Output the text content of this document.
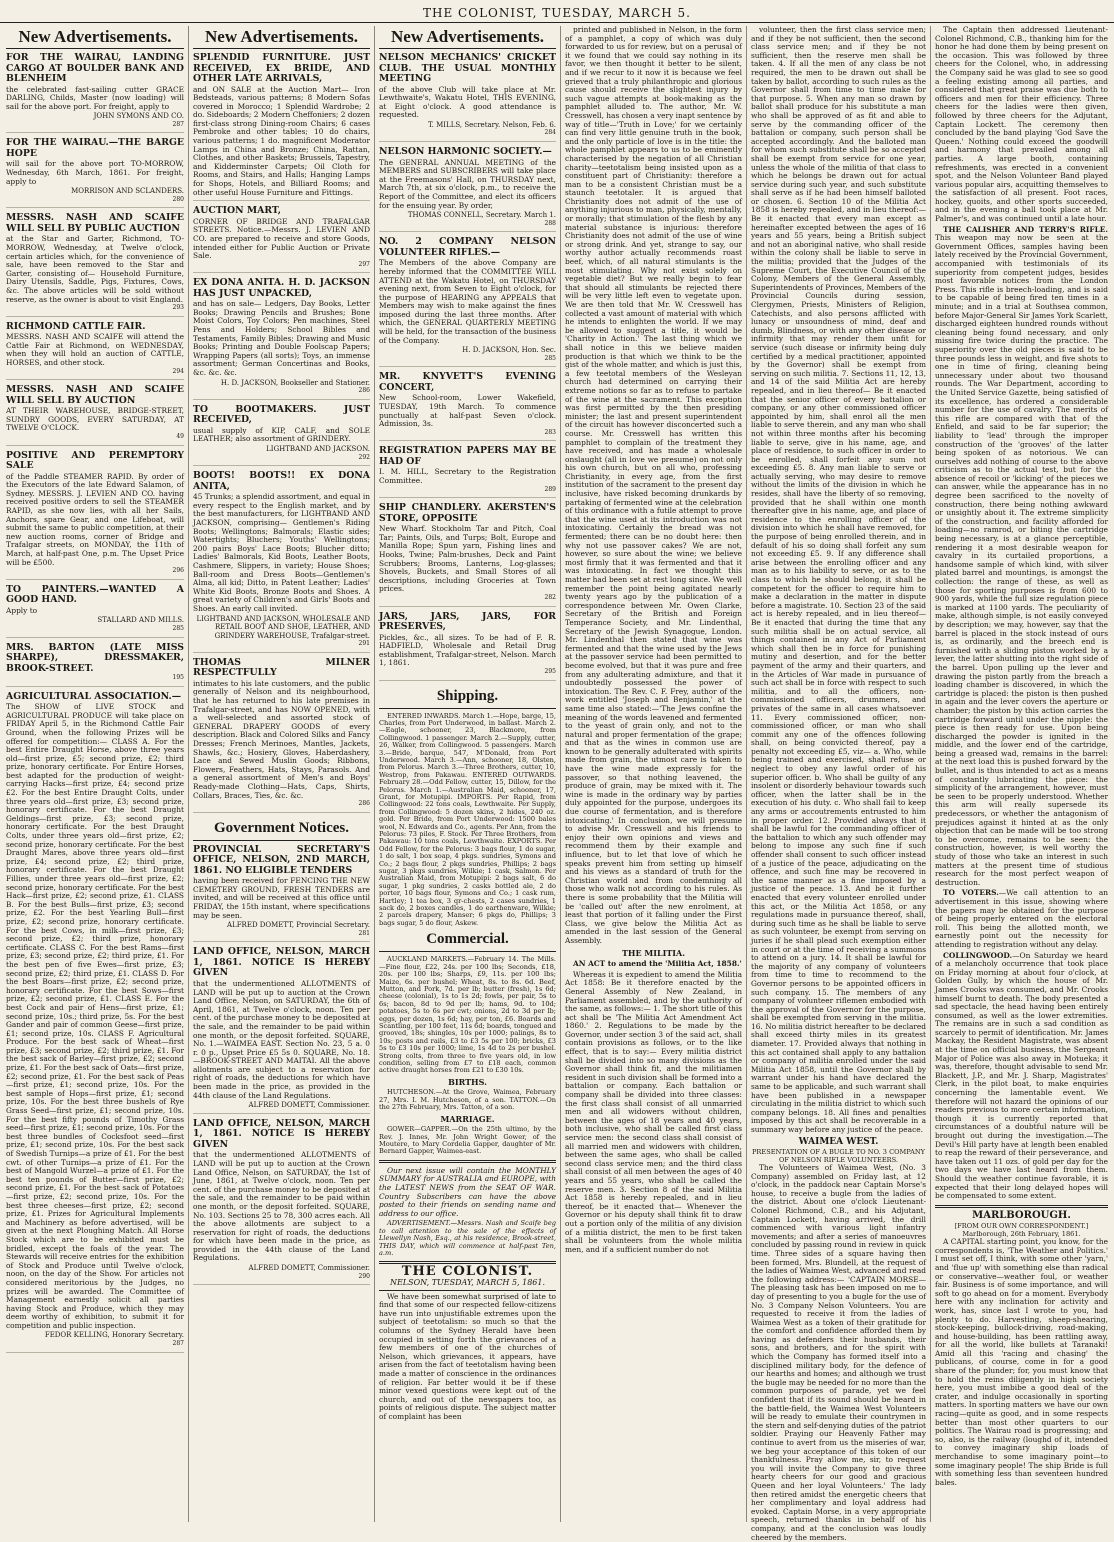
THE COLONIST, TUESDAY, MARCH 5.
New Advertisements.
FOR THE WAIRAU, LANDING CARGO AT BOULDER BANK AND BLENHEIM
the celebrated fast-sailing cutter GRACE DARLING, Childs, Master (now loading) will sail for the above port. For freight, apply to
JOHN SYMONS AND CO.
287
FOR THE WAIRAU.—THE BARGE HOPE
will sail for the above port TO-MORROW, Wednesday, 6th March, 1861. For freight, apply to
MORRISON AND SCLANDERS.
280
MESSRS. NASH AND SCAIFE WILL SELL BY PUBLIC AUCTION
at the Star and Garter, Richmond, TO-MORROW, Wednesday, at Twelve o'clock, certain articles which, for the convenience of sale, have been removed to the Star and Garter, consisting of— Household Furniture, Dairy Utensils, Saddle, Pigs, Fixtures, Cows, &c. The above articles will be sold without reserve, as the owner is about to visit England.
293
RICHMOND CATTLE FAIR.
MESSRS. NASH AND SCAIFE will attend the Cattle Fair at Richmond, on WEDNESDAY, when they will hold an auction of CATTLE, HORSES, and other stock.
294
MESSRS. NASH AND SCAIFE WILL SELL BY AUCTION
AT THEIR WAREHOUSE, BRIDGE-STREET, SUNDRY GOODS, EVERY SATURDAY, AT TWELVE O'CLOCK.
49
POSITIVE AND PEREMPTORY SALE
of the Paddle STEAMER RAPID. By order of the Executors of the late Edward Salamon, of Sydney. MESSRS. J. LEVIEN AND CO. having received positive orders to sell the STEAMER RAPID, as she now lies, with all her Sails, Anchors, spare Gear, and one Lifeboat, will submit the same to public competition, at their new auction rooms, corner of Bridge and Trafalgar streets, on MONDAY, the 11th of March, at half-past One, p.m. The Upset Price will be £500.
296
TO PAINTERS.—WANTED A GOOD HAND.
Apply to
STALLARD AND MILLS.
285
MRS. BARTON (LATE MISS SHARPE), DRESSMAKER, BROOK-STREET.
195
AGRICULTURAL ASSOCIATION.—
The SHOW of LIVE STOCK and AGRICULTURAL PRODUCE will take place on FRIDAY April 5, in the Richmond Cattle Fair Ground, when the following Prizes will be offered for competition:— CLASS A. For the best Entire Draught Horse, above three years old—first prize, £5; second prize, £2; third prize, honorary certificate. For Entire Horses, best adapted for the production of weight-carrying Hacks—first prize, £4; second prize £2. For the best Entire Draught Colts, under three years old—first prize, £3; second prize, honorary certificate. For the best Draught Geldings—first prize, £3; second prize, honorary certificate. For the best Draught Colts, under three years old—first prize, £2; second prize, honorary certificate. For the best Draught Mares, above three years old—first prize, £4; second prize, £2; third prize, honorary certificate. For the best Draught Fillies, under three years old—first prize, £2; second prize, honorary certificate. For the best Hack—first prize, £2; second prize, £1. CLASS B. For the best Bulls—first prize, £3; second prize, £2. For the best Yearling Bull—first prize, £2; second prize, honorary certificate. For the best Cows, in milk—first prize, £3; second prize, £2; third prize, honorary certificate. CLASS C. For the best Rams—first prize, £3; second prize, £2; third prize, £1. For the best pen of five Ewes—first prize, £3; second prize, £2; third prize, £1. CLASS D. For the best Boars—first prize, £2; second prize, honorary certificate. For the best Sows—first prize, £2; second prize, £1. CLASS E. For the best Cock and pair of Hens—first prize, £1; second prize, 10s.; third prize, 5s. For the best Gander and pair of common Geese—first prize, £1; second prize, 10s. CLASS F. Agricultural Produce. For the best sack of Wheat—first prize, £3; second prize, £2; third prize, £1. For the best sack of Barley—first prize, £2; second prize, £1. For the best sack of Oats—first prize, £2; second prize, £1. For the best sack of Peas—first prize, £1; second prize, 10s. For the best sample of Hops—first prize, £1; second prize, 10s. For the best three bushels of Rye Grass Seed—first prize, £1; second prize, 10s. For the best fifty pounds of Timothy Grass seed—first prize, £1; second prize, 10s. For the best three bundles of Cocksfoot seed—first prize, £1; second prize, 10s. For the best sack of Swedish Turnips—a prize of £1. For the best cwt. of other Turnips—a prize of £1. For the best of Mangold Wurzel—a prize of £1. For the best ten pounds of Butter—first prize, £2; second prize, £1. For the best sack of Potatoes—first prize, £2; second prize, 10s. For the best three cheeses—first prize, £2; second prize, £1. Prizes for Agricultural Implements and Machinery as before advertised, will be given at the next Ploughing Match. All Horse Stock which are to be exhibited must be bridled, except the foals of the year. The Stewards will receive entries for the exhibition of Stock and Produce until Twelve o'clock, noon, on the day of the Show. For articles not considered meritorious by the Judges, no prizes will be awarded. The Committee of Management earnestly solicit all parties having Stock and Produce, which they may deem worthy of exhibition, to submit it for competition and public inspection.
FEDOR KELLING, Honorary Secretary.
287
New Advertisements.
SPLENDID FURNITURE. JUST RECEIVED, EX BRIDE, AND OTHER LATE ARRIVALS,
and ON SALE at the Auction Mart— Iron Bedsteads, various patterns; 8 Modern Sofas covered in Morocco; 1 Splendid Wardrobe; 2 do. Sideboards; 2 Modern Cheffoniers; 2 dozen first-class strong Dining-room Chairs; 6 cases Pembroke and other tables; 10 do chairs, various patterns; 1 do. magnificent Moderator Lamps in China and Bronze; China, Rattan, Clothes, and other Baskets; Brussels, Tapestry, and Kidderminster Carpets; Oil Cloth for Rooms, and Stairs, and Halls; Hanging Lamps for Shops, Hotels, and Billiard Rooms; and other useful House Furniture and Fittings.
AUCTION MART,
CORNER OF BRIDGE AND TRAFALGAR STREETS. Notice.—Messrs. J. LEVIEN AND CO. are prepared to receive and store Goods, intended either for Public Auction or Private Sale.
297
EX DONA ANITA. H. D. JACKSON HAS JUST UNPACKED,
and has on sale— Ledgers, Day Books, Letter Books; Drawing Pencils and Brushes; Bone Moist Colors, Toy Colors; Pen machines, Steel Pens and Holders; School Bibles and Testaments, Family Bibles; Drawing and Music Books; Printing and Double Foolscap Papers; Wrapping Papers (all sorts); Toys, an immense assortment; German Concertinas and Books, &c. &c. &c.
H. D. JACKSON, Bookseller and Stationer.
286
TO BOOTMAKERS. JUST RECEIVED,
usual supply of KIP, CALF, and SOLE LEATHER; also assortment of GRINDERY.
LIGHTBAND AND JACKSON.
292
BOOTS! BOOTS!! EX DONA ANITA,
45 Trunks; a splendid assortment, and equal in every respect to the English market, and by the best manufacturers, for LIGHTBAND AND JACKSON, comprising— Gentlemen's Riding Boots; Wellingtons; Balmorals; Elastic sides; Watertights; Bluchers; Youths' Wellingtons; 200 pairs Boys' Lace Boots; Blucher ditto; Ladies' Balmorals, Kid Boots, Leather Boots, Cashmere, Slippers, in variety; House Shoes; Ball-room and Dress Boots—Gentlemen's Alma, all kid; Ditto, in Patent Leather; Ladies' White Kid Boots, Bronze Boots and Shoes. A great variety of Children's and Girls' Boots and Shoes. An early call invited.
LIGHTBAND AND JACKSON, WHOLESALE AND RETAIL BOOT AND SHOE, LEATHER, AND GRINDERY WAREHOUSE, Trafalgar-street.
291
THOMAS MILNER RESPECTFULLY
intimates to his late customers, and the public generally of Nelson and its neighbourhood, that he has returned to his late premises in Trafalgar-street, and has NOW OPENED, with a well-selected and assorted stock of GENERAL DRAPERY GOODS of every description. Black and Colored Silks and Fancy Dresses; French Merinoes, Mantles, Jackets, Shawls, &c.; Hosiery, Gloves, Haberdashery, Lace and Sewed Muslin Goods; Ribbons, Flowers, Feathers, Hats, Stays, Parasols. And a general assortment of Men's and Boys' Ready-made Clothing—Hats, Caps, Shirts, Collars, Braces, Ties, &c. &c.
286
Government Notices.
PROVINCIAL SECRETARY'S OFFICE, NELSON, 2ND MARCH, 1861. NO ELIGIBLE TENDERS
having been received for FENCING THE NEW CEMETERY GROUND, FRESH TENDERS are invited, and will be received at this office until FRIDAY, the 15th instant, where specifications may be seen.
ALFRED DOMETT, Provincial Secretary.
281
LAND OFFICE, NELSON, MARCH 1, 1861. NOTICE IS HEREBY GIVEN
that the undermentioned ALLOTMENTS of LAND will be put up to auction at the Crown Land Office, Nelson, on SATURDAY, the 6th of April, 1861, at Twelve o'clock, noon. Ten per cent. of the purchase money to be deposited at the sale, and the remainder to be paid within one month, or the deposit forfeited. SQUARE, No. 1.—WAIMEA EAST. Section No. 23, 5 a. 0 r. 0 p., Upset Price £5 5s 0. SQUARE, No. 18.—BROOK-STREET AND MAITAI. All the above allotments are subject to a reservation for right of roads, the deductions for which have been made in the price, as provided in the 44th clause of the Land Regulations.
ALFRED DOMETT, Commissioner.
LAND OFFICE, NELSON, MARCH 1, 1861. NOTICE IS HEREBY GIVEN
that the undermentioned ALLOTMENTS of LAND will be put up to auction at the Crown Land Office, Nelson, on SATURDAY, the 1st of June, 1861, at Twelve o'clock, noon. Ten per cent. of the purchase money to be deposited at the sale, and the remainder to be paid within one month, or the deposit forfeited. SQUARE, No. 103. Sections 25 to 78, 300 acres each. All the above allotments are subject to a reservation for right of roads, the deductions for which have been made in the price, as provided in the 44th clause of the Land Regulations.
ALFRED DOMETT, Commissioner.
290
New Advertisements.
NELSON MECHANICS' CRICKET CLUB. THE USUAL MONTHLY MEETING
of the above Club will take place at Mr. Lewthwaite's, Wakatu Hotel, THIS EVENING, at Eight o'clock. A good attendance is requested.
T. MILLS, Secretary. Nelson, Feb. 6.
284
NELSON HARMONIC SOCIETY.—
The GENERAL ANNUAL MEETING of the MEMBERS and SUBSCRIBERS will take place at the Freemasons' Hall, on THURSDAY next, March 7th, at six o'clock, p.m., to receive the Report of the Committee, and elect its officers for the ensuing year. By order,
THOMAS CONNELL, Secretary. March 1.
288
NO. 2 COMPANY NELSON VOLUNTEER RIFLES.—
The Members of the above Company are hereby informed that the COMMITTEE WILL ATTEND at the Wakatu Hotel, on THURSDAY evening next, from Seven to Eight o'clock, for the purpose of HEARING any APPEALS that Members may wish to make against the fines imposed during the last three months. After which, the GENERAL QUARTERLY MEETING will be held, for the transaction of the business of the Company.
H. D. JACKSON, Hon. Sec.
285
MR. KNYVETT'S EVENING CONCERT,
New School-room, Lower Wakefield, TUESDAY, 19th March. To commence punctually at half-past Seven o'clock. Admission, 3s.
283
REGISTRATION PAPERS MAY BE HAD OF
I. M. HILL, Secretary to the Registration Committee.
289
SHIP CHANDLERY. AKERSTEN'S STORE, OPPOSITE
New Wharf. Stockholm Tar and Pitch, Coal Tar; Paints, Oils, and Turps; Bolt, Europe and Manilla Rope; Spun yarn, Fishing lines and Hooks, Twine; Palm-brushes, Deck and Paint Scrubbers; Brooms, Lanterns, Log-glasses; Shovels, Buckets, and Small Stores of all descriptions, including Groceries at Town prices.
282
JARS, JARS, JARS, FOR PRESERVES,
Pickles, &c., all sizes. To be had of F. R. HADFIELD, Wholesale and Retail Drug establishment, Trafalgar-street, Nelson. March 1, 1861.
295
Shipping.
ENTERED INWARDS. March 1.—Hope, barge, 15, Charles, from Port Underwood, in ballast. March 2.—Eagle, schooner, 23, Blackmore, from Collingwood. 1 passenger. March 2.—Supply, cutter, 26, Walker, from Collingwood. 5 passengers. March 3.—Bride, barque, 547, M'Donald, from Port Underwood. March 3.—Ann, schooner, 18, Olsten, from Pelorus. March 3.—Three Brothers, cutter, 10, Westrop, from Pakawau. ENTERED OUTWARDS. February 28.—Odd Fellow, cutter, 15, Dillow, for the Pelorus. March 1.—Australian Maid, schooner, 17, Grant, for Motupipi. IMPORTS. Per Rapid, from Collingwood: 22 tons coals, Lewthwaite. Per Supply, from Collingwood: 5 dozen skins, 2 hides, 240 oz. gold. Per Bride, from Port Underwood: 1500 bales wool, N. Edwards and Co., agents. Per Ann, from the Pelorus: 73 piles, F. Stock. Per Three Brothers, from Pakawau: 10 tons coals, Lewthwaite. EXPORTS. Per Odd Fellow, for the Pelorus: 3 bags flour, 1 do sugar, 1 do salt, 1 box soap, 4 pkgs. sundries, Symons and Co.; 2 bags flour, 2 pkgs sundries, Phillips; 2 bags sugar, 3 pkgs sundries, Wilkie; 1 cask, Salmon. Per Australian Maid, from Motupipi: 2 bags salt, 6 do sugar, 1 pkg sundries, 2 casks bottled ale, 2 do porter, 10 bags flour, Symons and Co.; 1 cask rum, Hartley; 1 tea box, 3 qr-chests, 2 cases sundries, 1 sack do, 2 boxes candles, 1 do earthenware, Wilkie; 2 parcels drapery, Manser; 6 pkgs do, Phillips; 3 bags sugar, 5 do flour, Askew.
Commercial.
AUCKLAND MARKETS.—February 14. The Mills.—Fine flour, £22, 24s. per 100 lbs; Seconds, £18, 20s. per 100 lbs; Sharps, £9, 11s. per 100 lbs; Maize, 6s. per bushel; Wheat, 8s. to 8s. 6d. Beef, Mutton, and Pork, 7d. per lb; butter (fresh), 1s 6d; cheese (colonial), 1s to 1s 2d; fowls, per pair, 5s to 6s; bacon, 8d to 9d per lb; hams, 9d. to 10d; potatoes, 5s to 6s per cwt; onions, 2d to 3d per lb; eggs, per dozen, 1s 6d; hay, per ton, £6. Boards and Scantling, per 100 feet, 11s 6d; boards, tongued and grooved, 18s; shingles, 10s per 1000; palings, 8s to 10s; posts and rails, £3 to £3 5s per 100; bricks, £3 5s to £3 10s per 1000; lime, 1s 4d to 2s per bushel. Strong colts, from three to five years old, in low condition, selling from £7 to £18 each, common active draught horses from £21 to £30 10s.
BIRTHS.
HUTCHESON.—At the Grove, Waimea, February 27, Mrs. I. M. Hutcheson, of a son. TATTON.—On the 27th February, Mrs. Tatton, of a son.
MARRIAGE.
GOWER—GAPPER.—On the 25th ultimo, by the Rev. J. Innes, Mr. John Wright Gower, of the Moutere, to Mary Cordelia Gapper, daughter of Mr. Bernard Gapper, Waimea-east.
Our next issue will contain the MONTHLY SUMMARY for AUSTRALIA and EUROPE, with the LATEST NEWS from the SEAT OF WAR. Country Subscribers can have the above posted to their friends on sending name and address to our office.
ADVERTISEMENT.—Messrs. Nash and Scaife beg to call attention to the sale of the effects of Llewellyn Nash, Esq., at his residence, Brook-street, THIS DAY, which will commence at half-past Ten, a.m.
THE COLONIST.
NELSON, TUESDAY, MARCH 5, 1861.
We have been somewhat surprised of late to find that some of our respected fellow-citizens have run into unjustifiable extremes upon the subject of teetotalism: so much so that the columns of the Sydney Herald have been occupied in setting forth the grievances of a few members of one of the churches of Nelson, which grievances, it appears, have arisen from the fact of teetotalism having been made a matter of conscience in the ordinances of religion. Far better would it be if these minor vexed questions were kept out of the church, and out of the newspapers too, as points of religious dispute. The subject matter of complaint has been
printed and published in Nelson, in the form of a pamphlet, a copy of which was duly forwarded to us for review, but on a perusal of it we found that we could say nothing in its favor, we then thought it better to be silent, and if we recur to it now it is because we feel grieved that a truly philanthropic and glorious cause should receive the slightest injury by such vague attempts at book-making as the pamphlet alluded to. The author, Mr. W. Cresswell, has chosen a very inapt sentence by way of title—'Truth in Love;' for we certainly can find very little genuine truth in the book, and the only particle of love is in the title: the whole pamphlet appears to us to be eminently characterised by the negation of all Christian charity—teetotalism being insisted upon as a constituent part of Christianity: therefore a man to be a consistent Christian must be a staunch teetotaler. It is argued that Christianity does not admit of the use of anything injurious to man, physically, mentally, or morally; that stimulation of the flesh by any material substance is injurious: therefore Christianity does not admit of the use of wine or strong drink. And yet, strange to say, our worthy author actually recommends roast beef, which, of all natural stimulants is the most stimulating. Why not exist solely on vegetable diet? But we really begin to fear that should all stimulants be rejected there will be very little left even to vegetate upon. We are then told that Mr. W. Cresswell has collected a vast amount of material with which he intends to enlighten the world. If we may be allowed to suggest a title, it would be 'Charity in Action.' The last thing which we shall notice in this we believe maiden production is that which we think to be the gist of the whole matter, and which is just this, a few teetotal members of the Wesleyan church had determined on carrying their extreme notions so far as to refuse to partake of the wine at the sacrament. This exception was first permitted by the then presiding minister; the last and present superintendent of the circuit has however disconcerted such a course. Mr. Cresswell has written this pamphlet to complain of the treatment they have received, and has made a wholesale onslaught (all in love we presume) on not only his own church, but on all who, professing Christianity, in every age, from the first institution of the sacrament to the present day inclusive, have risked becoming drunkards by partaking of fermented wine at the celebration of this ordinance with a futile attempt to prove that the wine used at its introduction was not intoxicating. Certainly the bread was not fermented; there can be no doubt here: then why not use passover cakes? We are not, however, so sure about the wine; we believe most firmly that it was fermented and that it was intoxicating. In fact we thought this matter had been set at rest long since. We well remember the point being agitated nearly twenty years ago by the publication of a correspondence between Mr. Owen Clarke, Secretary of the British and Foreign Temperance Society, and Mr. Lindenthal, Secretary of the Jewish Synagogue, London. Mr. Lindenthal then stated that wine was fermented and that the wine used by the Jews at the passover service had been permitted to become evolved, but that it was pure and free from any adulterating admixture, and that it undoubtedly possessed the power of intoxication. The Rev. C. F. Frey, author of the work entitled 'Joseph and Benjamin,' at the same time also stated:—'The Jews confine the meaning of the words leavened and fermented to the yeast of grain only, and not to the natural and proper fermentation of the grape; and that as the wines in common use are known to be generally adulterated with spirits made from grain, the utmost care is taken to have the wine made expressly for the passover, so that nothing leavened, the produce of grain, may be mixed with it. The wine is made in the ordinary way by parties duly appointed for the purpose, undergoes its due course of fermentation, and is therefore intoxicating.' In conclusion, we will presume to advise Mr. Cresswell and his friends to enjoy their own opinions and views and recommend them by their example and influence, but to let that love of which he speaks prevent him from setting up himself and his views as a standard of truth for the Christian world and from condemning all those who walk not according to his rules. As there is some probability that the Militia will be 'called out' after the new enrolment, at least that portion of it falling under the First Class, we give below the Militia Act as amended in the last session of the General Assembly.
THE MILITIA.
AN ACT to amend the 'Militia Act, 1858.'
Whereas it is expedient to amend the Militia Act 1858: Be it therefore enacted by the General Assembly of New Zealand, in Parliament assembled, and by the authority of the same, as follows:— 1. The short title of this act shall be 'The Militia Act Amendment Act 1860.' 2. Regulations to be made by the Governor, under section 3 of the said act, shall contain provisions as follows, or to the like effect, that is to say:— Every militia district shall be divided into so many divisions as the Governor shall think fit, and the militiamen resident in such division shall be formed into a battalion or company. Each battalion or company shall be divided into three classes: the first class shall consist of all unmarried men and all widowers without children, between the ages of 18 years and 40 years, both inclusive, who shall be called first class service men: the second class shall consist of all married men and widowers with children, between the same ages, who shall be called second class service men; and the third class shall consist of all men between the ages of 40 years and 55 years, who shall be called the reserve men. 3. Section 8 of the said Militia Act 1858 is hereby repealed, and in lieu thereof, be it enacted that— Whenever the Governor or his deputy shall think fit to draw out a portion only of the militia of any division of a militia district, the men to be first taken shall be volunteers from the whole militia men, and if a sufficient number do not
volunteer, then the first class service men; and if they be not sufficient, then the second class service men; and if they be not sufficient, then the reserve men shall be taken. 4. If all the men of any class be not required, the men to be drawn out shall be taken by ballot, according to such rules as the Governor shall from time to time make for that purpose. 5. When any man so drawn by ballot shall produce for his substitute a man who shall be approved of as fit and able to serve by the commanding officer of the battalion or company, such person shall be accepted accordingly. And the balloted man for whom such substitute shall be so accepted shall be exempt from service for one year, unless the whole of the militia of that class to which he belongs be drawn out for actual service during such year, and such substitute shall serve as if he had been himself balloted or chosen. 6. Section 10 of the Militia Act 1858 is hereby repealed, and in lieu thereof:— Be it enacted that every man except as hereinafter excepted between the ages of 16 years and 55 years, being a British subject and not an aboriginal native, who shall reside within the colony shall be liable to serve in the militia; provided that the Judges of the Supreme Court, the Executive Council of the Colony, Members of the General Assembly, Superintendents of Provinces, Members of the Provincial Councils during session, Clergymen, Priests, Ministers of Religion, Catechists, and also persons afflicted with lunacy or unsoundness of mind, deaf and dumb, Blindness, or with any other disease or infirmity that may render them unfit for service (such disease or infirmity being duly certified by a medical practitioner, appointed by the Governor) shall be exempt from serving on such militia. 7. Sections 11, 12, 13, and 14 of the said Militia Act are hereby repealed, and in lieu thereof— Be it enacted that the senior officer of every battalion or company, or any other commissioned officer appointed by him, shall enrol all the men liable to serve therein, and any man who shall not within three months after his becoming liable to serve, give in his name, age, and place of residence, to such officer in order to be enrolled, shall forfeit any sum not exceeding £5. 8. Any man liable to serve or actually serving, who may desire to remove without the limits of the division in which he resides, shall have the liberty of so removing, provided that he shall within one month thereafter give in his name, age, and place of residence to the enrolling officer of the division into which he shall have removed, for the purpose of being enrolled therein, and in default of his so doing shall forfeit any sum not exceeding £5. 9. If any difference shall arise between the enrolling officer and any man as to his liability to serve, or as to the class to which he should belong, it shall be competent for the officer to require him to make a declaration in the matter in dispute before a magistrate. 10. Section 23 of the said act is hereby repealed, and in lieu thereof— Be it enacted that during the time that any such militia shall be on actual service, all things contained in any Act of Parliament which shall then be in force for punishing mutiny and desertion, and for the better payment of the army and their quarters, and in the Articles of War made in pursuance of such act shall be in force with respect to such militia, and to all the officers, non-commissioned officers, drummers, and privates of the same in all cases whatsoever. 11. Every commissioned officer, non-commissioned officer, or man who shall commit any one of the offences following shall, on being convicted thereof, pay a penalty not exceeding £5, viz— a. Who, while being trained and exercised, shall refuse or neglect to obey any lawful order of his superior officer. b. Who shall be guilty of any insolent or disorderly behaviour towards such officer, when the latter shall be in the execution of his duty. c. Who shall fail to keep any arms or accoutrements entrusted to him in proper order. 12. Provided always that it shall be lawful for the commanding officer of the battalion to which any such offender may belong to impose any such fine if such offender shall consent to such officer instead of a justice of the peace, adjudicating on the offence, and such fine may be recovered in the same manner as a fine imposed by a justice of the peace. 13. And be it further enacted that every volunteer enrolled under this act, or the Militia Act 1858, or any regulations made in pursuance thereof, shall, during such time as he shall be liable to serve as such volunteer, be exempt from serving on juries if he shall plead such exemption either in court or at the time of receiving a summons to attend on a jury. 14. It shall be lawful for the majority of any company of volunteers from time to time to recommend to the Governor persons to be appointed officers in such company. 15. The members of any company of volunteer riflemen embodied with the approval of the Governor for the purpose, shall be exempted from serving in the militia. 16. No militia district hereafter to be declared shall exceed thirty miles in its greatest diameter. 17. Provided always that nothing in this act contained shall apply to any battalion or company of militia enrolled under the said Militia Act 1858, until the Governor shall by warrant under his hand have declared the same to be applicable, and such warrant shall have been published in a newspaper circulating in the militia district to which such company belongs. 18. All fines and penalties imposed by this act shall be recoverable in a summary way before any justice of the peace.
WAIMEA WEST.
PRESENTATION OF A BUGLE TO NO. 3 COMPANY OF NELSON RIFLE VOLUNTEERS.
The Volunteers of Waimea West, (No. 3 Company) assembled on Friday last, at 12 o'clock, in the paddock near Captain Morse's house, to receive a bugle from the ladies of the district. About one o'clock Lieutenant-Colonel Richmond, C.B., and his Adjutant, Captain Lockett, having arrived, the drill commenced with various light infantry movements; and after a series of manoeuvres concluded by passing round in review in quick time. Three sides of a square having then been formed, Mrs. Blundell, at the request of the ladies of Waimea West, advanced and read the following address:— 'CAPTAIN MORSE— The pleasing task has been imposed on me to day of presenting to you a bugle for the use of No. 3 Company Nelson Volunteers. You are requested to receive it from the ladies of Waimea West as a token of their gratitude for the comfort and confidence afforded them by having as defenders their husbands, their sons, and brothers, and for the spirit with which the Company has formed itself into a disciplined military body, for the defence of our hearths and homes; and although we trust the bugle may be needed for no more than the common purposes of parade, yet we feel confident that if its sound should be heard in the battle-field, the Waimea West Volunteers will be ready to emulate their countrymen in the stern and self-denying duties of the patriot soldier. Praying our Heavenly Father may continue to avert from us the miseries of war, we beg your acceptance of this token of our thankfulness. Pray allow me, sir, to request you will invite the Company to give three hearty cheers for our good and gracious Queen and her loyal Volunteers.' The lady then retired amidst the energetic cheers that her complimentary and loyal address had evoked. Captain Morse, in a very appropriate speech, returned thanks in behalf of his company, and at the conclusion was loudly cheered by the members.
The Captain then addressed Lieutenant-Colonel Richmond, C.B., thanking him for the honor he had done them by being present on the occasion. This was followed by three cheers for the Colonel, who, in addressing the Company said he was glad to see so good a feeling existing among all parties, and considered that great praise was due both to officers and men for their efficiency. Three cheers for the ladies were then given, followed by three cheers for the Adjutant, Captain Lockett. The ceremony then concluded by the band playing 'God Save the Queen.' Nothing could exceed the goodwill and harmony that prevailed among all parties. A large booth, containing refreshments, was erected in a convenient spot, and the Nelson Volunteer Band played various popular airs, acquitting themselves to the satisfaction of all present. Foot races, hockey, quoits, and other sports succeeded, and in the evening a ball took place at Mr. Palmer's, and was continued until a late hour.
THE CALISHER AND TERRY'S RIFLE. This weapon may now be seen at the Government Offices, samples having been lately received by the Provincial Government, accompanied with testimonials of its superiority from competent judges, besides most favorable notices from the London Press. This rifle is breech-loading, and is said to be capable of being fired ten times in a minute; and in a trial at Southsea common, before Major-General Sir James York Scarlett, discharged eighteen hundred rounds without cleaning being found necessary, and only missing fire twice during the practice. The superiority over the old pieces is said to be three pounds less in weight, and five shots to one in time of firing, cleaning being unnecessary under about two thousand rounds. The War Department, according to the United Service Gazette, being satisfied of its excellence, has ordered a considerable number for the use of cavalry. The merits of this rifle are compared with that of the Enfield, and said to be far superior; the liability to 'lead' through the improper construction of the 'grooves' of the latter being spoken of as notorious. We can ourselves add nothing of course to the above criticism as to the actual test, but for the absence of recoil or 'kicking' of the pieces we can answer, while the appearance has in no degree been sacrificed to the novelty of construction, there being nothing awkward or unsightly about it. The extreme simplicity of the construction, and facility afforded for loading—no ramrod, or biting the cartridge being necessary, is at a glance perceptible, rendering it a most desirable weapon for cavalry in its curtailed proportions, a handsome sample of which kind, with silver plated barrel and mountings, is amongst the collection: the range of these, as well as those for sporting purposes is from 600 to 900 yards, while the full size regulation piece is marked at 1100 yards. The peculiarity of make, although simple, is not easily conveyed by description; we may, however, say that the barrel is placed in the stock instead of ours is, as ordinarily, and the breech end is furnished with a sliding piston worked by a lever, the latter shutting into the right side of the barrel. Upon pulling up the lever and drawing the piston partly from the breach a loading chamber is discovered, in which the cartridge is placed: the piston is then pushed in again and the lever covers the aperture or chamber; the piston by this action carries the cartridge forward until under the nipple: the piece is then ready for use. Upon being discharged the powder is ignited in the middle, and the lower end of the cartridge, being a greased wad, remains in the barrel: at the next load this is pushed forward by the bullet, and is thus intended to act as a means of constantly lubricating the piece: the simplicity of the arrangement, however, must be seen to be properly understood. Whether this arm will really supersede its predecessors, or whether the antagonism of prejudices against it hinted at as the only objection that can be made will be too strong to be overcome, remains to be seen: the construction, however, is well worthy the study of those who take an interest in such matters at the present time of studious research for the most perfect weapon of destruction.
TO VOTERS.—We call attention to an advertisement in this issue, showing where the papers may be obtained for the purpose of being properly entered on the electoral roll. This being the allotted month, we earnestly point out the necessity for attending to registration without any delay.
COLLINGWOOD.—On Saturday we heard of a melancholy occurrence that took place on Friday morning at about four o'clock, at Golden Gully, by which the house of Mr. James Crooks was consumed, and Mr. Crooks himself burnt to death. The body presented a sad spectacle, the head having been entirely consumed, as well as the lower extremities. The remains are in such a sad condition as scarcely to permit of identification. Mr. James Mackay, the Resident Magistrate, was absent at the time on official business, the Sergeant Major of Police was also away in Motueka; it was, therefore, thought advisable to send Mr. Blackett, J.P., and Mr. J. Sharp, Magistrates' Clerk, in the pilot boat, to make enquiries concerning the lamentable event. We therefore will not hazard the opinions of our readers previous to more certain information, though it is currently reported that circumstances of a doubtful nature will be brought out during the investigation.—The Devil's Hill party have at length been enabled to reap the reward of their perseverance, and have taken out 11 ozs. of gold per day for the two days we have last heard from them. Should the weather continue favorable, it is expected that their long delayed hopes will be compensated to some extent.
MARLBOROUGH.
[FROM OUR OWN CORRESPONDENT.] Marlborough, 26th February, 1861.
A CAPITAL starting point, you know, for the correspondents is, 'The Weather and Politics.' I must set off, I think, with some other 'yarn,' and 'flue up' with something else than radical or conservative—weather foul, or weather fair. Business is of some importance, and will soft to go ahead on for a moment. Everybody here with any inclination for activity and work, has, since last I wrote to you, had plenty to do. Harvesting, sheep-shearing, stock-keeping, bullock-driving, road-making, and house-building, has been rattling away, for all the world, like bullets at Taranaki! Amid all this 'racing and chasing' the publicans, of course, come in for a good share of the plunder; for, you must know that to hold the reins diligently in high society here, you must imbibe a good deal of the crater, and indulge occasionally in sporting matters. In sporting matters we have our own racing—quite as good, and in some respects better than most other quarters to our politics. The Wairau road is progressing; and so, also, is the railway (loughd of it, intended to convey imaginary ship loads of merchandise to some imaginary point—to some imaginary people! The ship Bride is full with something less than seventeen hundred bales.
